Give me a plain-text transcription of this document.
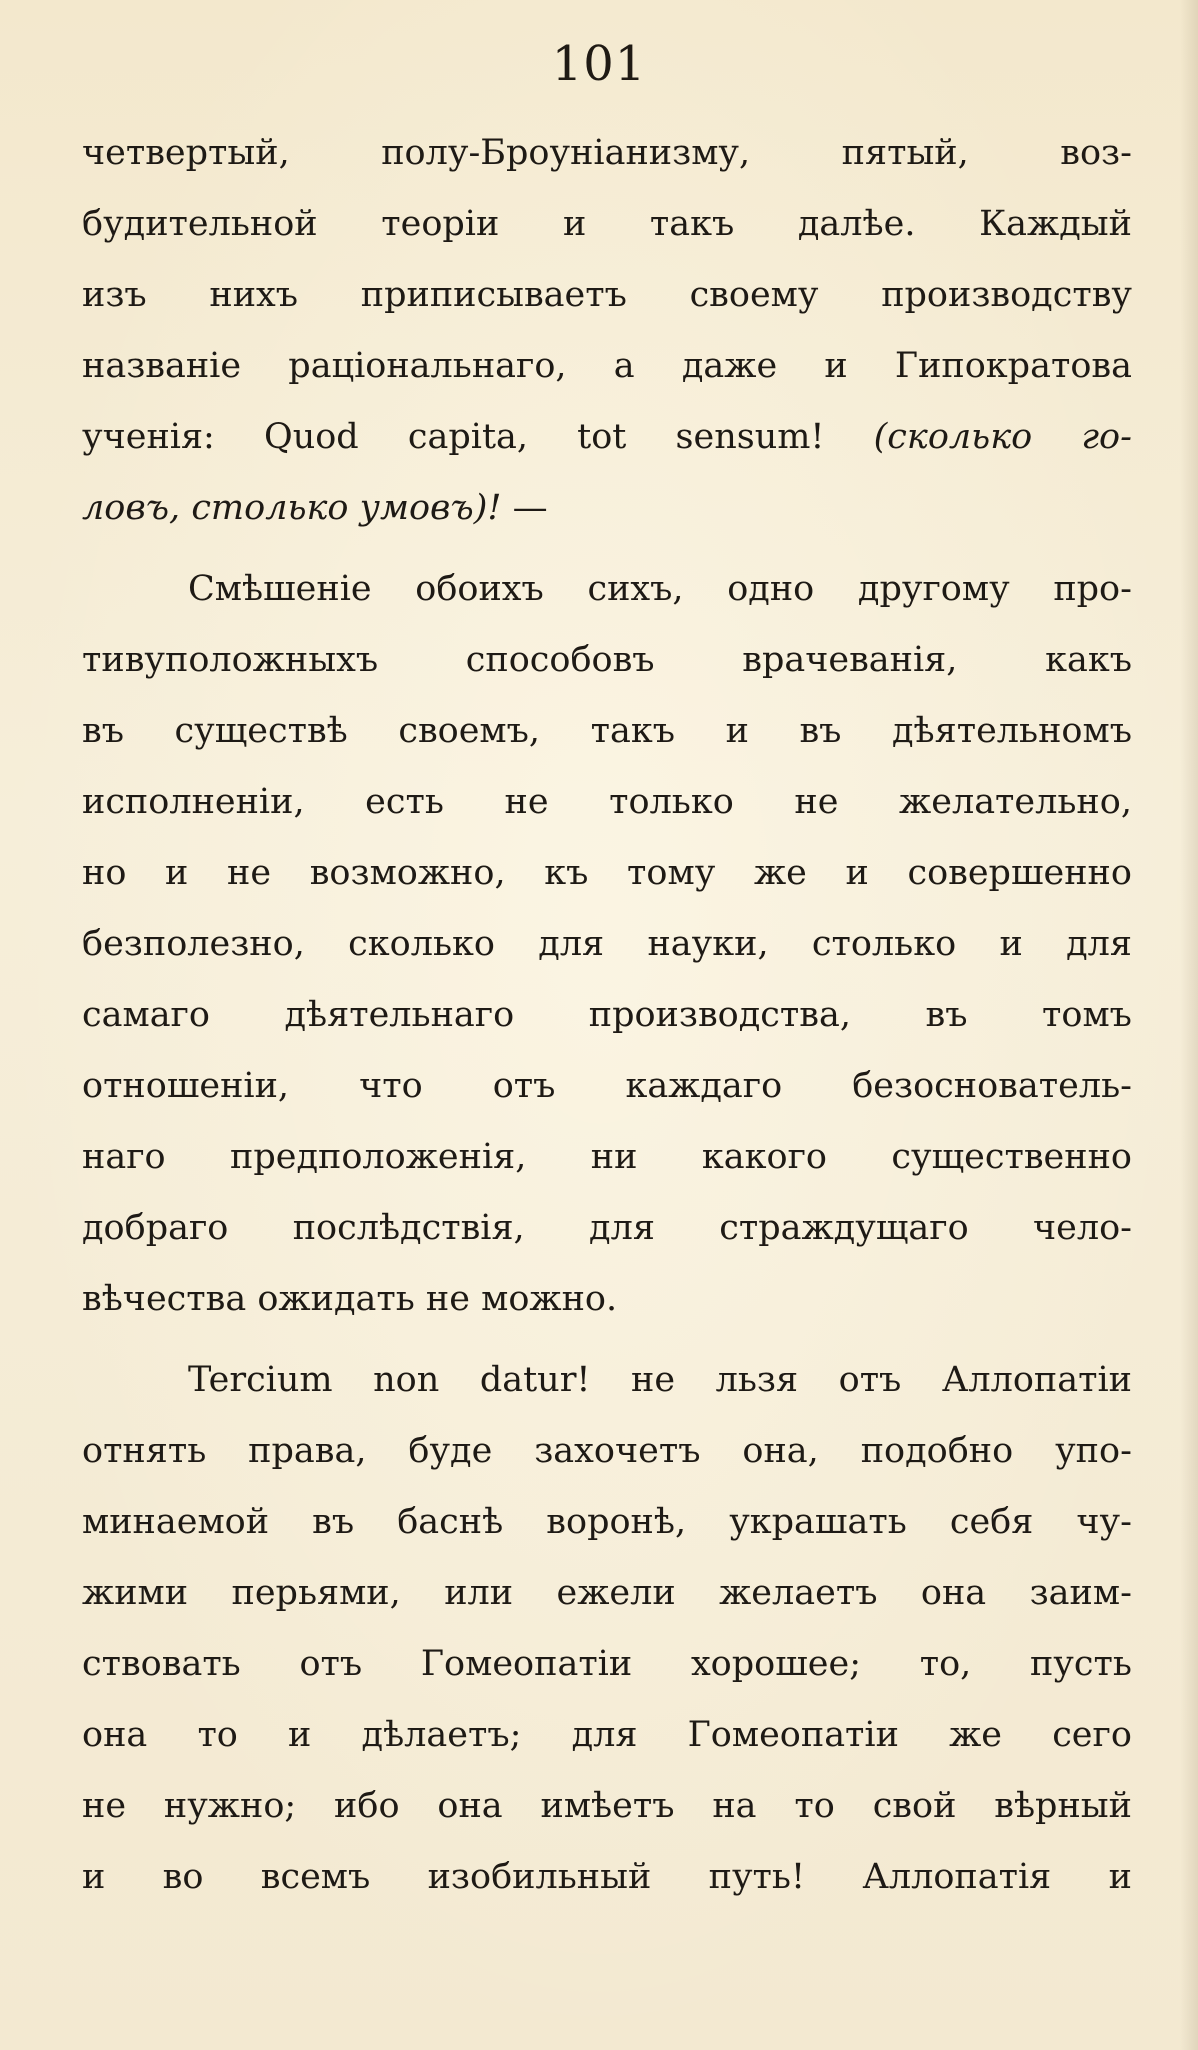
101
четвертый,	полу-Броуніанизму,	пятый,	воз-
будительной теоріи и такъ далѣе. Каждый
изъ нихъ приписываетъ своему производству
названіе раціональнаго, а даже и Гипократова
ученія: Quod capita, tot sensum! (сколько го-
ловъ,
столько
умовъ)!
—
Смѣшеніе обоихъ сихъ, одно другому про-
тивуположныхъ	способовъ	врачеванія,	какъ
въ существѣ своемъ, такъ и въ дѣятельномъ
исполненіи, есть не только не желательно,
но и не возможно, къ тому же и совершенно
безполезно, сколько для науки, столько и для
самаго дѣятельнаго производства, въ томъ
отношеніи, что отъ каждаго безоснователь-
наго предположенія, ни какого существенно
добраго послѣдствія, для страждущаго чело-
вѣчества
ожидать
не
можно.
Tercium non datur! не льзя отъ Аллопатіи
отнять права, буде захочетъ она, подобно упо-
минаемой въ баснѣ воронѣ, украшать себя чу-
жими перьями, или ежели желаетъ она заим-
ствовать отъ Гомеопатіи хорошее; то, пусть
она то и дѣлаетъ; для Гомеопатіи же сего
не нужно; ибо она имѣетъ на то свой вѣрный
и во всемъ изобильный путь! Аллопатія и
